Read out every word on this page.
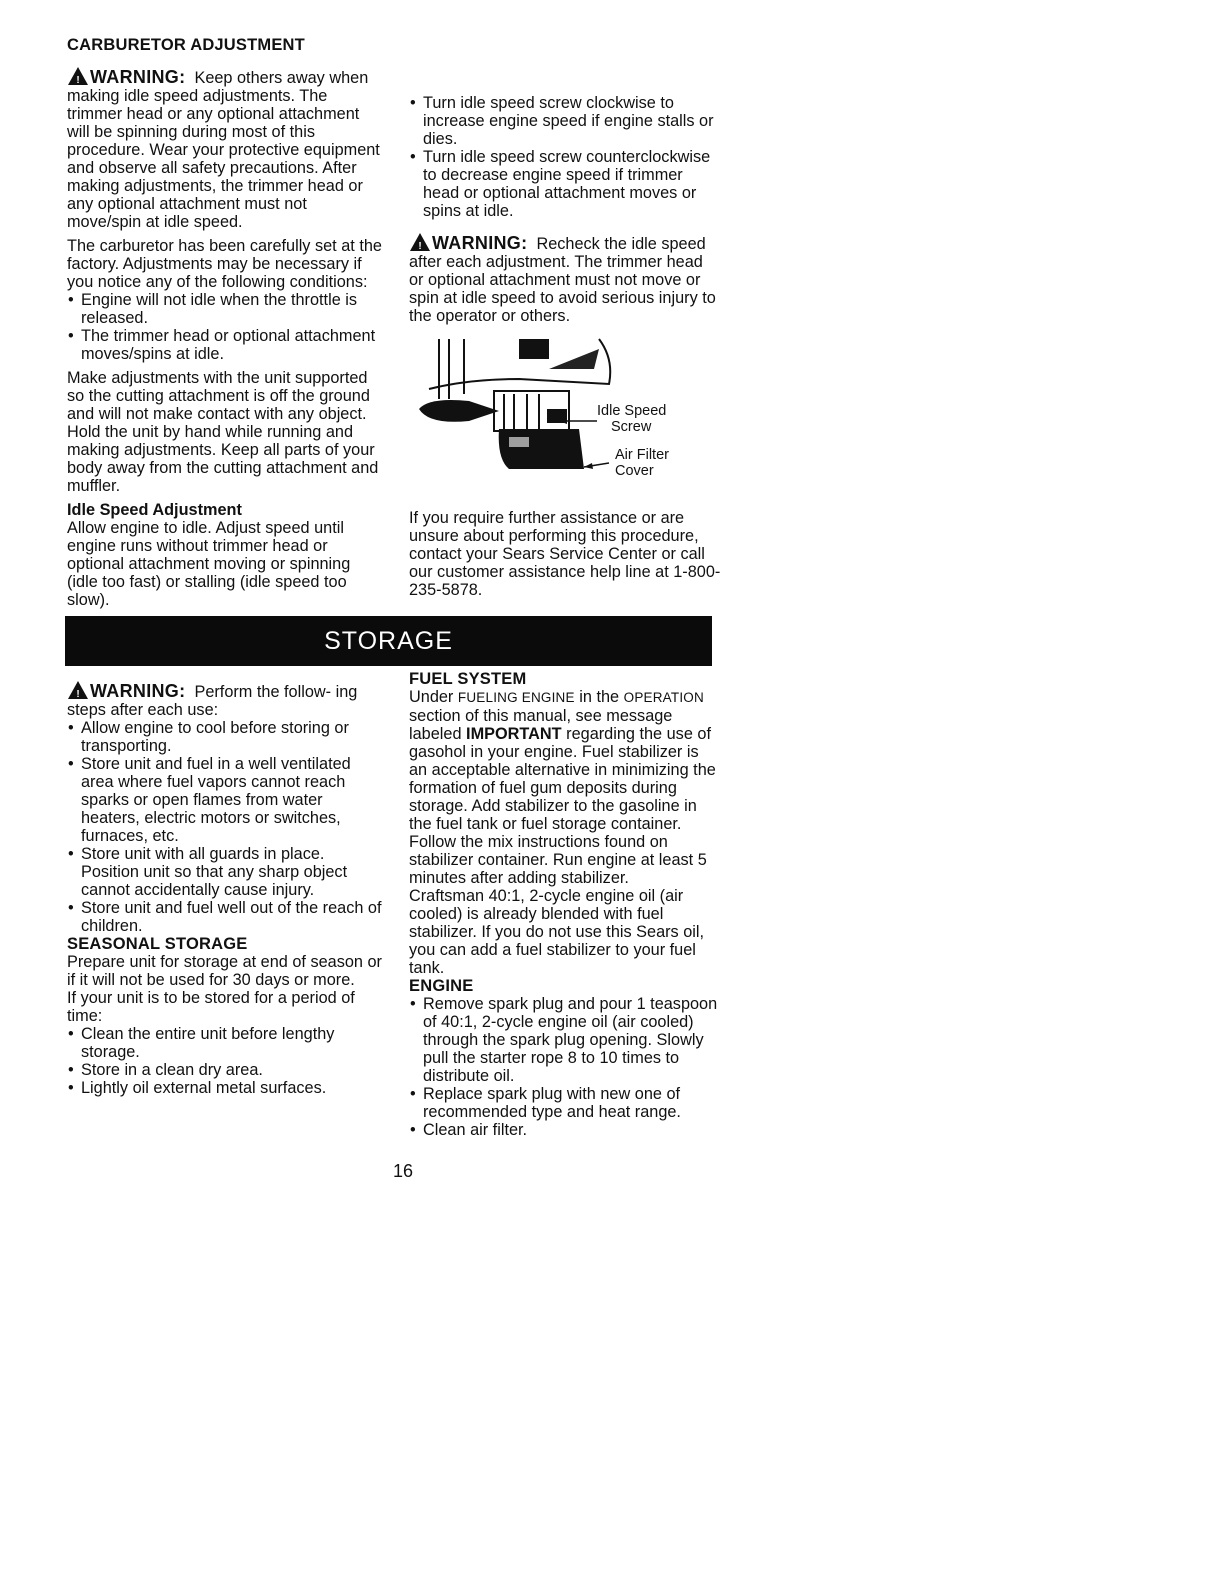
CARBURETOR ADJUSTMENT

! WARNING: Keep others away when making idle speed adjustments. The trimmer head or any optional attachment will be spinning during most of this procedure. Wear your protective equipment and observe all safety precautions. After making adjustments, the trimmer head or any optional attachment must not move/spin at idle speed.

The carburetor has been carefully set at the factory. Adjustments may be necessary if you notice any of the following conditions:

• Engine will not idle when the throttle is released.
• The trimmer head or optional attachment moves/spins at idle.

Make adjustments with the unit supported so the cutting attachment is off the ground and will not make contact with any object. Hold the unit by hand while running and making adjustments. Keep all parts of your body away from the cutting attachment and muffler.

Idle Speed Adjustment

Allow engine to idle. Adjust speed until engine runs without trimmer head or optional attachment moving or spinning (idle too fast) or stalling (idle speed too slow).

• Turn idle speed screw clockwise to increase engine speed if engine stalls or dies.
• Turn idle speed screw counterclockwise to decrease engine speed if trimmer head or optional attachment moves or spins at idle.

! WARNING: Recheck the idle speed after each adjustment. The trimmer head or optional attachment must not move or spin at idle speed to avoid serious injury to the operator or others.

Idle Speed
Screw
Air Filter
Cover

If you require further assistance or are unsure about performing this procedure, contact your Sears Service Center or call our customer assistance help line at 1-800-235-5878.

STORAGE

! WARNING: Perform the follow- ing steps after each use:

• Allow engine to cool before storing or transporting.
• Store unit and fuel in a well ventilated area where fuel vapors cannot reach sparks or open flames from water heaters, electric motors or switches, furnaces, etc.
• Store unit with all guards in place. Position unit so that any sharp object cannot accidentally cause injury.
• Store unit and fuel well out of the reach of children.

SEASONAL STORAGE

Prepare unit for storage at end of season or if it will not be used for 30 days or more.

If your unit is to be stored for a period of time:

• Clean the entire unit before lengthy storage.
• Store in a clean dry area.
• Lightly oil external metal surfaces.

FUEL SYSTEM

Under FUELING ENGINE in the OPERATION section of this manual, see message labeled IMPORTANT regarding the use of gasohol in your engine. Fuel stabilizer is an acceptable alternative in minimizing the formation of fuel gum deposits during storage. Add stabilizer to the gasoline in the fuel tank or fuel storage container. Follow the mix instructions found on stabilizer container. Run engine at least 5 minutes after adding stabilizer.

Craftsman 40:1, 2-cycle engine oil (air cooled) is already blended with fuel stabilizer. If you do not use this Sears oil, you can add a fuel stabilizer to your fuel tank.

ENGINE

• Remove spark plug and pour 1 teaspoon of 40:1, 2-cycle engine oil (air cooled) through the spark plug opening. Slowly pull the starter rope 8 to 10 times to distribute oil.
• Replace spark plug with new one of recommended type and heat range.
• Clean air filter.
16
